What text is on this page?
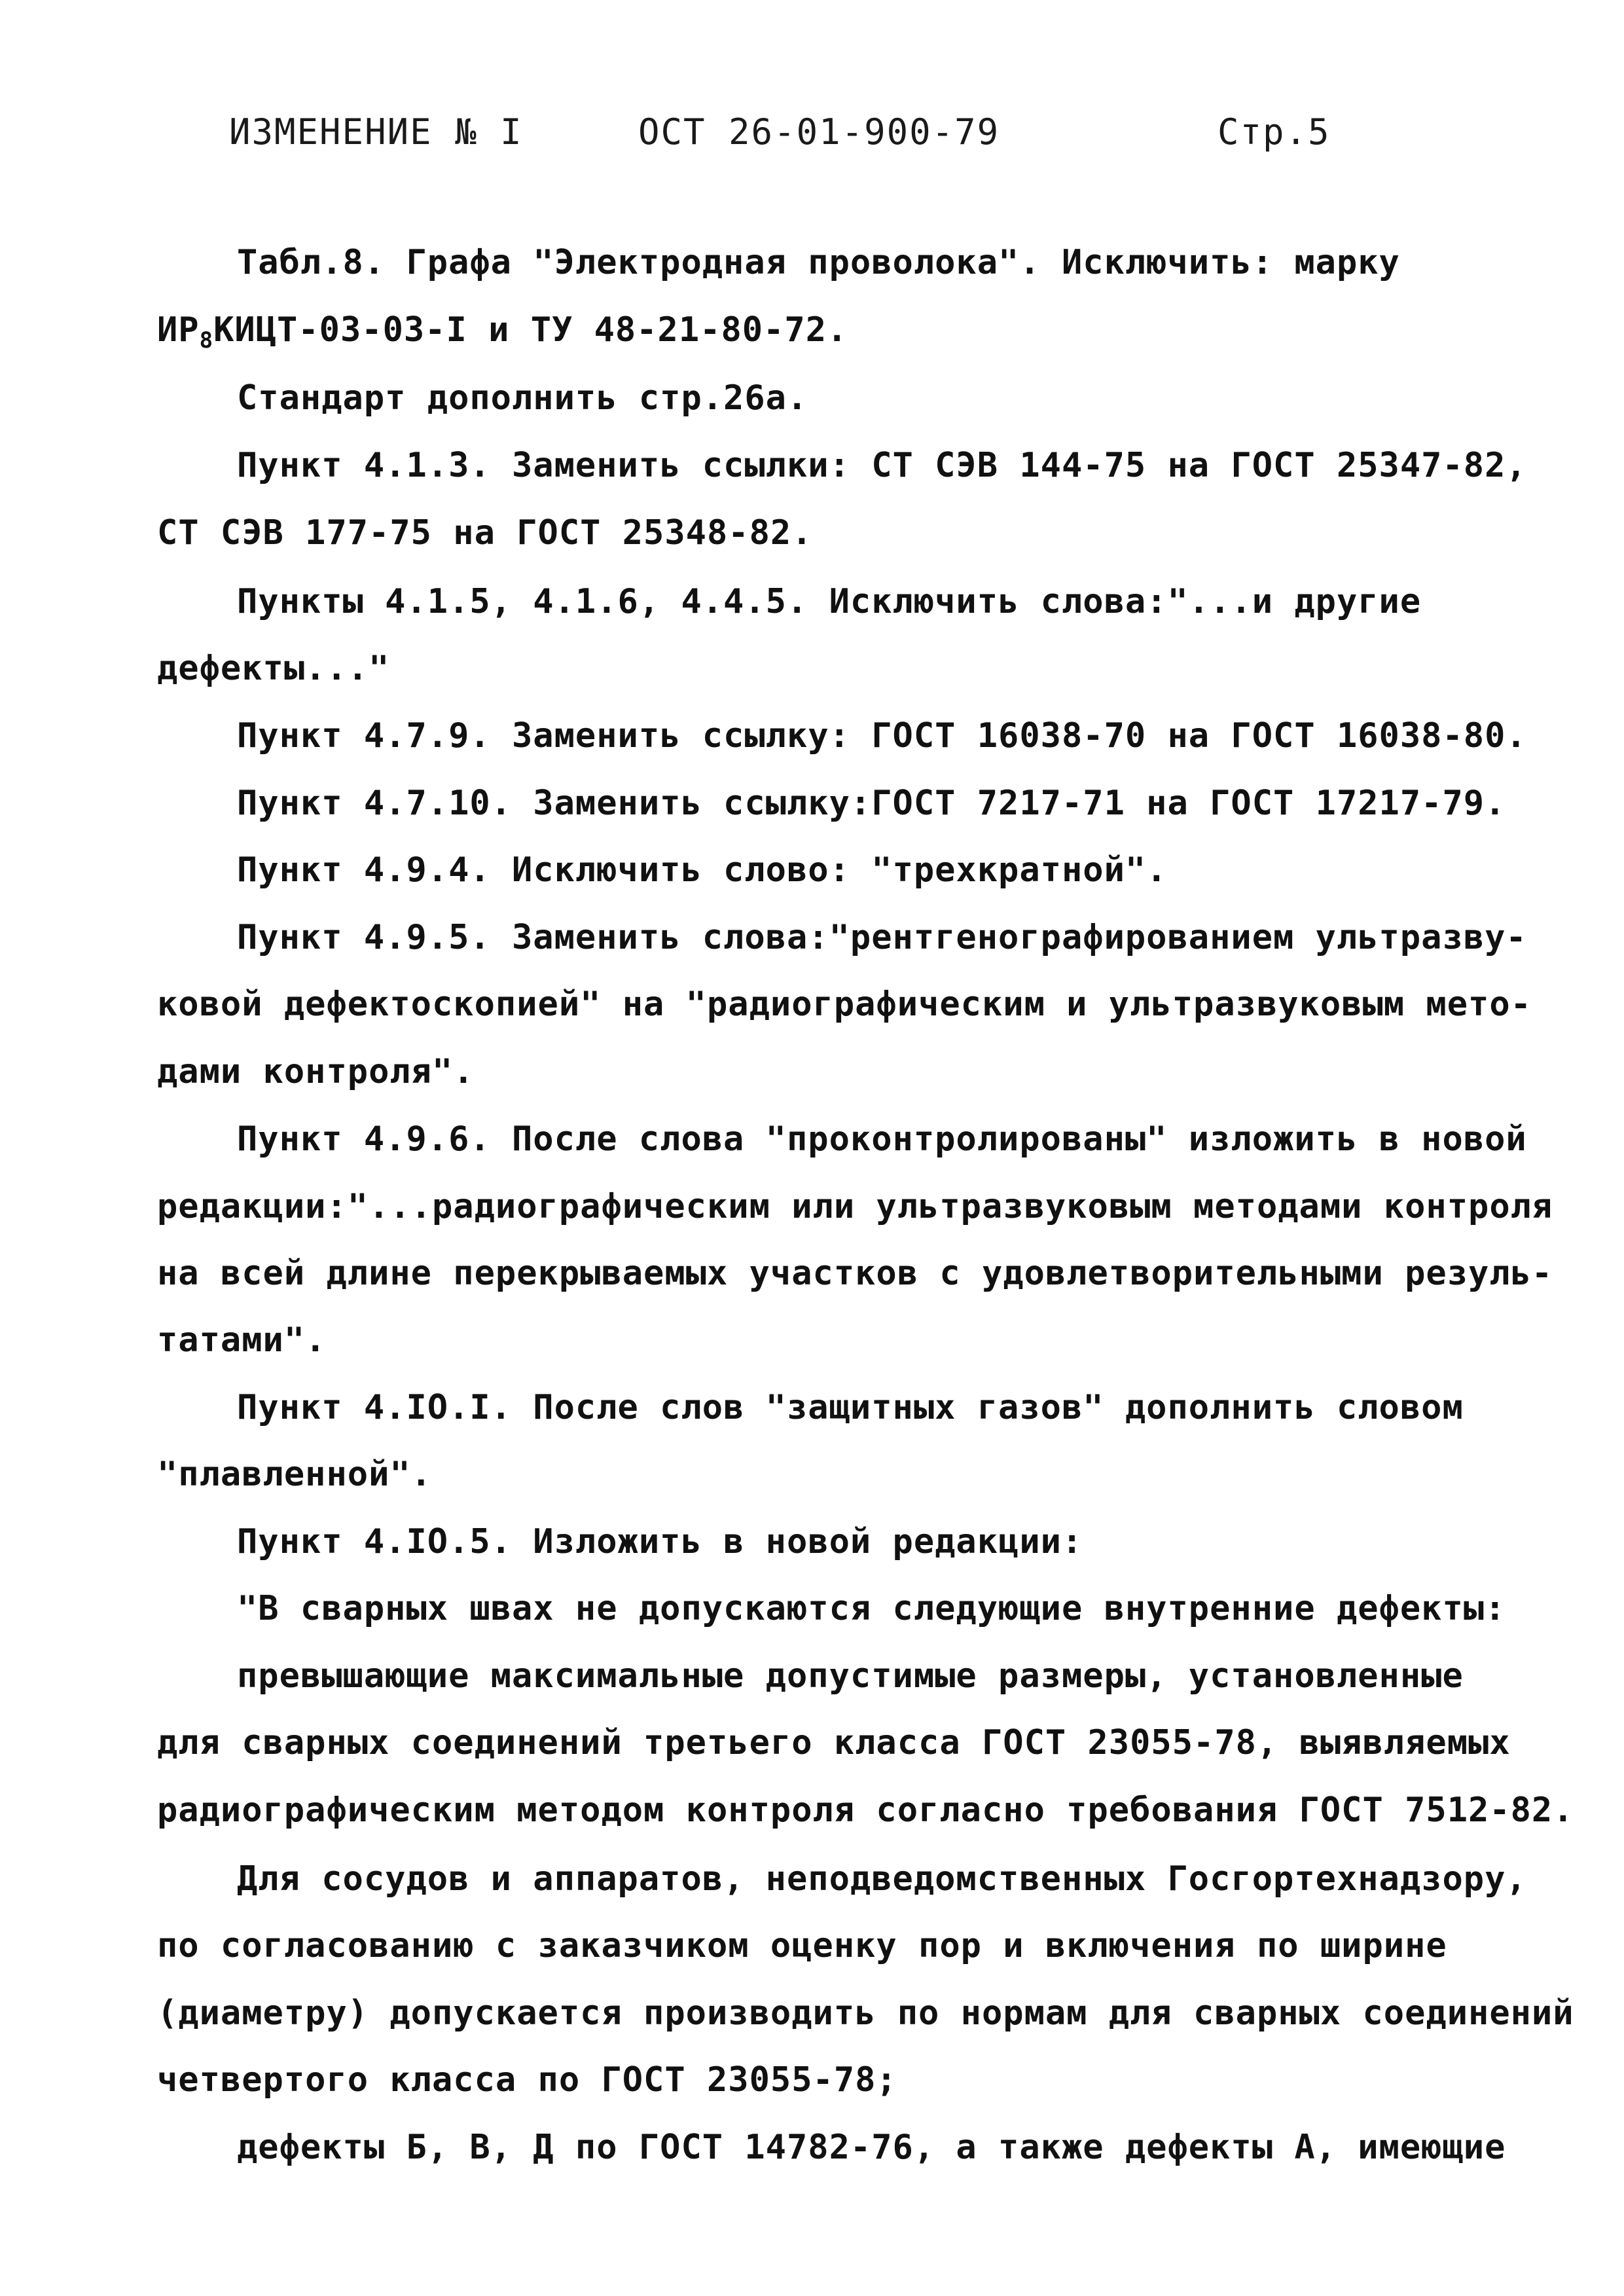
ИЗМЕНЕНИЕ № I	ОСТ 26-01-900-79	Стр.5
Табл.8. Графа "Электродная проволока". Исключить: марку
$ИР_8КИЦТ-03-03-I$ и ТУ 48-21-80-72.
Стандарт дополнить стр.26а.
Пункт 4.1.3. Заменить ссылки: СТ СЭВ 144-75 на ГОСТ 25347-82,
СТ СЭВ 177-75 на ГОСТ 25348-82.
Пункты 4.1.5, 4.1.6, 4.4.5. Исключить слова:"...и другие
дефекты..."
Пункт 4.7.9. Заменить ссылку: ГОСТ 16038-70 на ГОСТ 16038-80.
Пункт 4.7.10. Заменить ссылку:ГОСТ 7217-71 на ГОСТ 17217-79.
Пункт 4.9.4. Исключить слово: "трехкратной".
Пункт 4.9.5. Заменить слова:"рентгенографированием ультразву-
ковой дефектоскопией" на "радиографическим и ультразвуковым мето-
дами контроля".
Пункт 4.9.6. После слова "проконтролированы" изложить в новой
редакции:"...радиографическим или ультразвуковым методами контроля
на всей длине перекрываемых участков с удовлетворительными резуль-
татами".
Пункт 4.IO.I. После слов "защитных газов" дополнить словом
"плавленной".
Пункт 4.IO.5. Изложить в новой редакции:
"В сварных швах не допускаются следующие внутренние дефекты:
превышающие максимальные допустимые размеры, установленные
для сварных соединений третьего класса ГОСТ 23055-78, выявляемых
радиографическим методом контроля согласно требования ГОСТ 7512-82.
Для сосудов и аппаратов, неподведомственных Госгортехнадзору,
по согласованию с заказчиком оценку пор и включения по ширине
(диаметру) допускается производить по нормам для сварных соединений
четвертого класса по ГОСТ 23055-78;
дефекты Б, В, Д по ГОСТ 14782-76, а также дефекты А, имеющие
